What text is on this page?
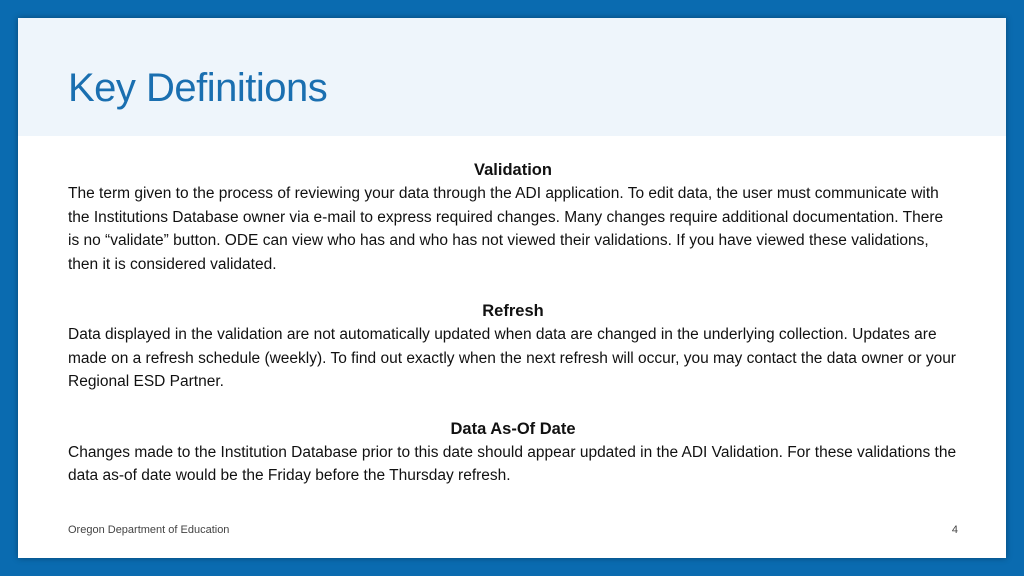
Key Definitions
Validation

The term given to the process of reviewing your data through the ADI application. To edit data, the user must communicate with the Institutions Database owner via e-mail to express required changes. Many changes require additional documentation. There is no “validate” button. ODE can view who has and who has not viewed their validations. If you have viewed these validations, then it is considered validated.

Refresh

Data displayed in the validation are not automatically updated when data are changed in the underlying collection. Updates are made on a refresh schedule (weekly). To find out exactly when the next refresh will occur, you may contact the data owner or your Regional ESD Partner.

Data As-Of Date

Changes made to the Institution Database prior to this date should appear updated in the ADI Validation. For these validations the data as-of date would be the Friday before the Thursday refresh.

Oregon Department of Education	4
